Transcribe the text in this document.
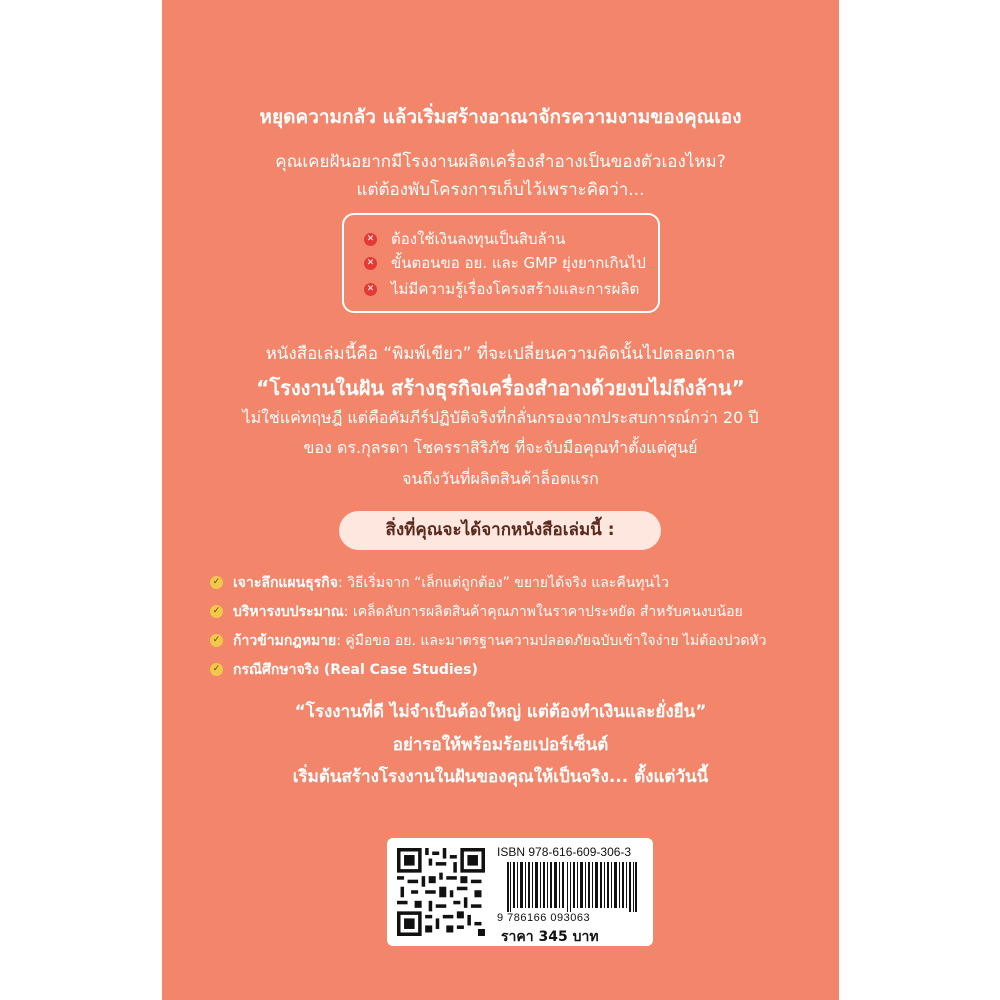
หยุดความกลัว แล้วเริ่มสร้างอาณาจักรความงามของคุณเอง
คุณเคยฝันอยากมีโรงงานผลิตเครื่องสำอางเป็นของตัวเองไหม?
แต่ต้องพับโครงการเก็บไว้เพราะคิดว่า...
✕ ต้องใช้เงินลงทุนเป็นสิบล้าน
✕ ขั้นตอนขอ อย. และ GMP ยุ่งยากเกินไป
✕ ไม่มีความรู้เรื่องโครงสร้างและการผลิต
หนังสือเล่มนี้คือ “พิมพ์เขียว” ที่จะเปลี่ยนความคิดนั้นไปตลอดกาล
“โรงงานในฝัน สร้างธุรกิจเครื่องสำอางด้วยงบไม่ถึงล้าน”
ไม่ใช่แค่ทฤษฎี แต่คือคัมภีร์ปฏิบัติจริงที่กลั่นกรองจากประสบการณ์กว่า 20 ปี
ของ ดร.กุลรดา โชครราสิริภัช ที่จะจับมือคุณทำตั้งแต่ศูนย์
จนถึงวันที่ผลิตสินค้าล็อตแรก
สิ่งที่คุณจะได้จากหนังสือเล่มนี้ :
✓ เจาะลึกแผนธุรกิจ : วิธีเริ่มจาก “เล็กแต่ถูกต้อง” ขยายได้จริง และคืนทุนไว
✓ บริหารงบประมาณ : เคล็ดลับการผลิตสินค้าคุณภาพในราคาประหยัด สำหรับคนงบน้อย
✓ ก้าวข้ามกฎหมาย : คู่มือขอ อย. และมาตรฐานความปลอดภัยฉบับเข้าใจง่าย ไม่ต้องปวดหัว
✓ กรณีศึกษาจริง (Real Case Studies)
“โรงงานที่ดี ไม่จำเป็นต้องใหญ่ แต่ต้องทำเงินและยั่งยืน”
อย่ารอให้พร้อมร้อยเปอร์เซ็นต์
เริ่มต้นสร้างโรงงานในฝันของคุณให้เป็นจริง... ตั้งแต่วันนี้
ISBN 978-616-609-306-3
9 786166 093063
ราคา 345 บาท
